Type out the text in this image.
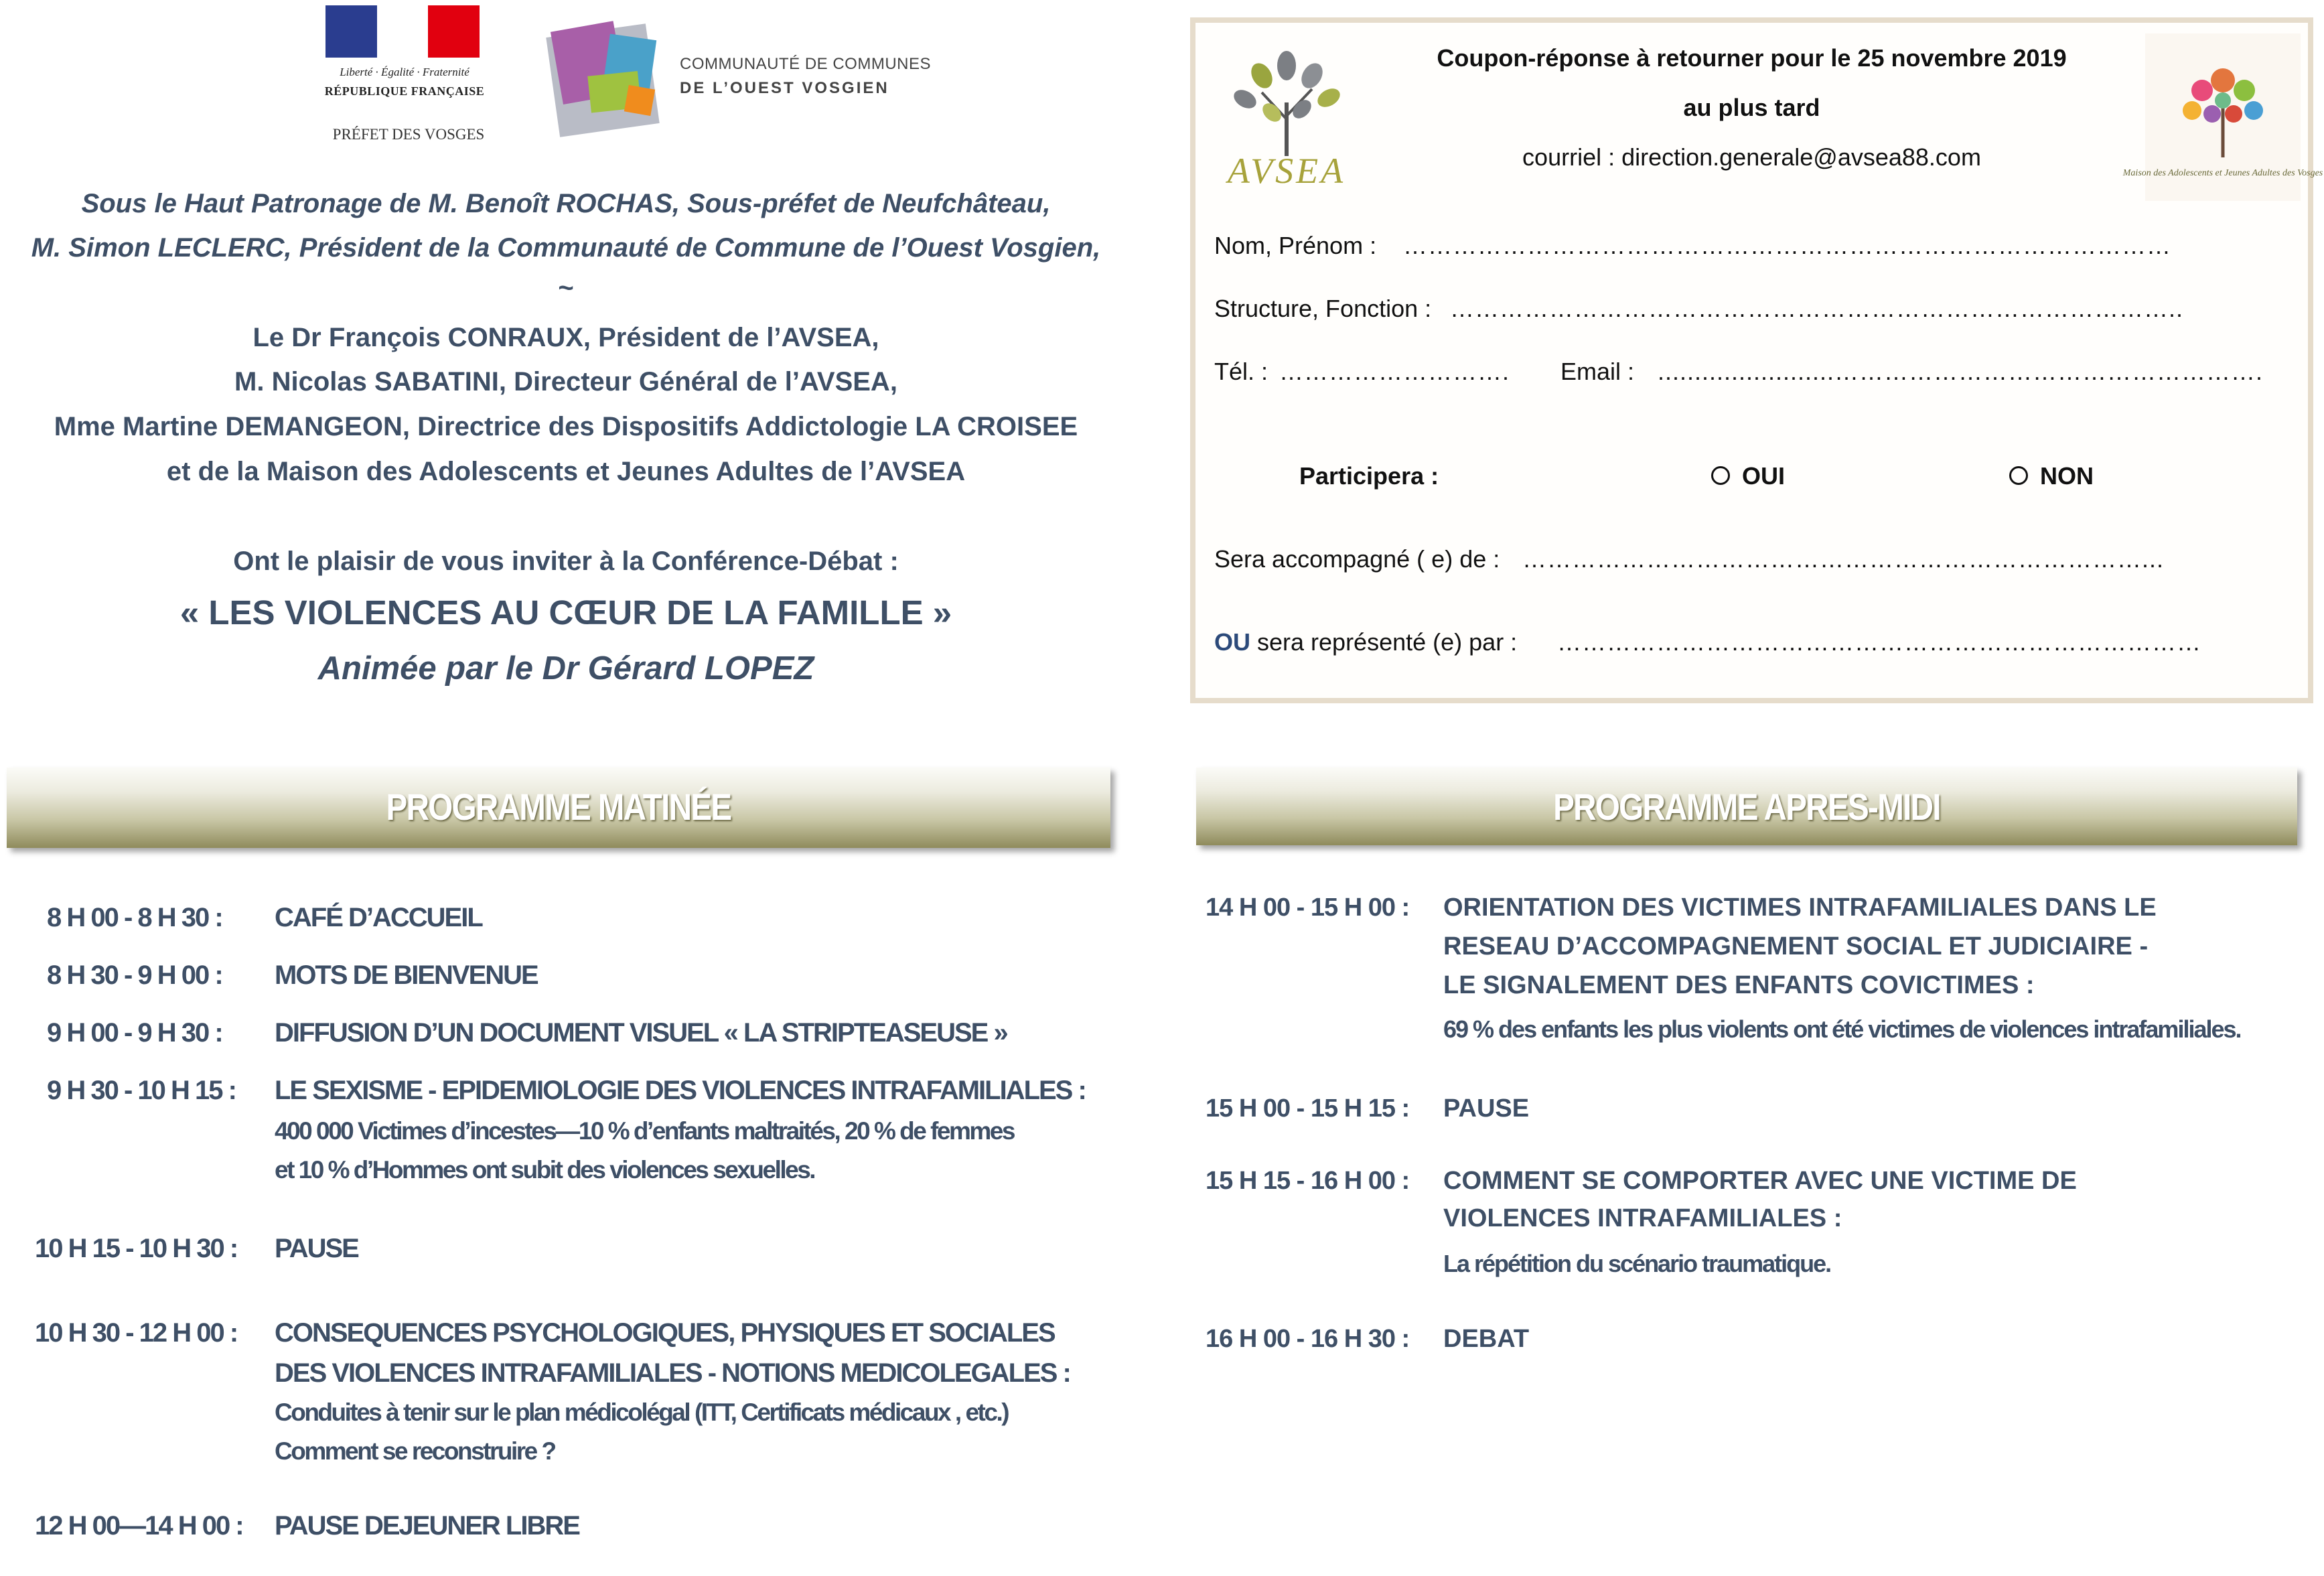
Liberté · Égalité · Fraternité
RÉPUBLIQUE FRANÇAISE
PRÉFET DES VOSGES
COMMUNAUTÉ DE COMMUNES
DE L’OUEST VOSGIEN
Sous le Haut Patronage de M. Benoît ROCHAS, Sous-préfet de Neufchâteau,
M. Simon LECLERC, Président de la Communauté de Commune de l’Ouest Vosgien,
~
Le Dr François CONRAUX, Président de l’AVSEA,
M. Nicolas SABATINI, Directeur Général de l’AVSEA,
Mme Martine DEMANGEON, Directrice des Dispositifs Addictologie LA CROISEE
et de la Maison des Adolescents et Jeunes Adultes de l’AVSEA
Ont le plaisir de vous inviter à la Conférence-Débat :
« LES VIOLENCES AU CŒUR DE LA FAMILLE »
Animée par le Dr Gérard LOPEZ
AVSEA	Maison des Adolescents et Jeunes Adultes des Vosges
Coupon-réponse à retourner pour le 25 novembre 2019
au plus tard
courriel : direction.generale@avsea88.com
Nom, Prénom : …………………………………………………………………………………
Structure, Fonction : ……………………………………………………………………………..
Tél. : ………………………. Email : ........................…………………………………………….
Participera :	OUI	NON
Sera accompagné ( e) de : …………………………………………………………………...
OU sera représenté (e) par : ……………………………………………………………………
PROGRAMME MATINÉE	PROGRAMME APRES-MIDI
8 H 00 - 8 H 30 : CAFÉ D’ACCUEIL
8 H 30 - 9 H 00 : MOTS DE BIENVENUE
9 H 00 - 9 H 30 : DIFFUSION D’UN DOCUMENT VISUEL « LA STRIPTEASEUSE »
9 H 30 - 10 H 15 : LE SEXISME - EPIDEMIOLOGIE DES VIOLENCES INTRAFAMILIALES :
400 000 Victimes d’incestes—10 % d’enfants maltraités, 20 % de femmes
et 10 % d’Hommes ont subit des violences sexuelles.
10 H 15 - 10 H 30 : PAUSE
10 H 30 - 12 H 00 : CONSEQUENCES PSYCHOLOGIQUES, PHYSIQUES ET SOCIALES
DES VIOLENCES INTRAFAMILIALES - NOTIONS MEDICOLEGALES :
Conduites à tenir sur le plan médicolégal (ITT, Certificats médicaux , etc.)
Comment se reconstruire ?
12 H 00—14 H 00 : PAUSE DEJEUNER LIBRE
14 H 00 - 15 H 00 : ORIENTATION DES VICTIMES INTRAFAMILIALES DANS LE
RESEAU D’ACCOMPAGNEMENT SOCIAL ET JUDICIAIRE -
LE SIGNALEMENT DES ENFANTS COVICTIMES :
69 % des enfants les plus violents ont été victimes de violences intrafamiliales.
15 H 00 - 15 H 15 : PAUSE
15 H 15 - 16 H 00 : COMMENT SE COMPORTER AVEC UNE VICTIME DE
VIOLENCES INTRAFAMILIALES :
La répétition du scénario traumatique.
16 H 00 - 16 H 30 : DEBAT
